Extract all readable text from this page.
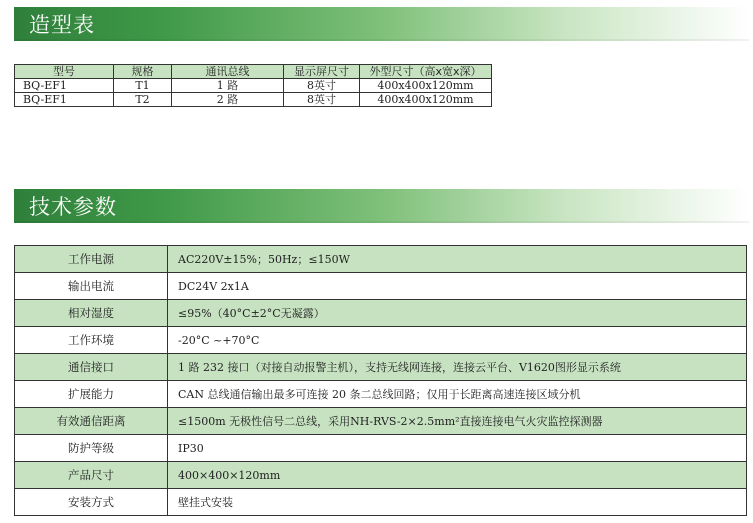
造型表
型号	规格	通讯总线	显示屏尺寸	外型尺寸（高x宽x深）
BQ-EF1	T1	1 路	8英寸	400x400x120mm
BQ-EF1	T2	2 路	8英寸	400x400x120mm
技术参数
工作电源	AC220V±15%；50Hz；≤150W
输出电流	DC24V 2x1A
相对湿度	≤95%（40°C±2°C无凝露）
工作环境	-20°C ~+70°C
通信接口	1 路 232 接口（对接自动报警主机），支持无线网连接，连接云平台、V1620图形显示系统
扩展能力	CAN 总线通信输出最多可连接 20 条二总线回路；仅用于长距离高速连接区域分机
有效通信距离	≤1500m 无极性信号二总线，采用NH-RVS-2×2.5mm²直接连接电气火灾监控探测器
防护等级	IP30
产品尺寸	400×400×120mm
安装方式	壁挂式安装
